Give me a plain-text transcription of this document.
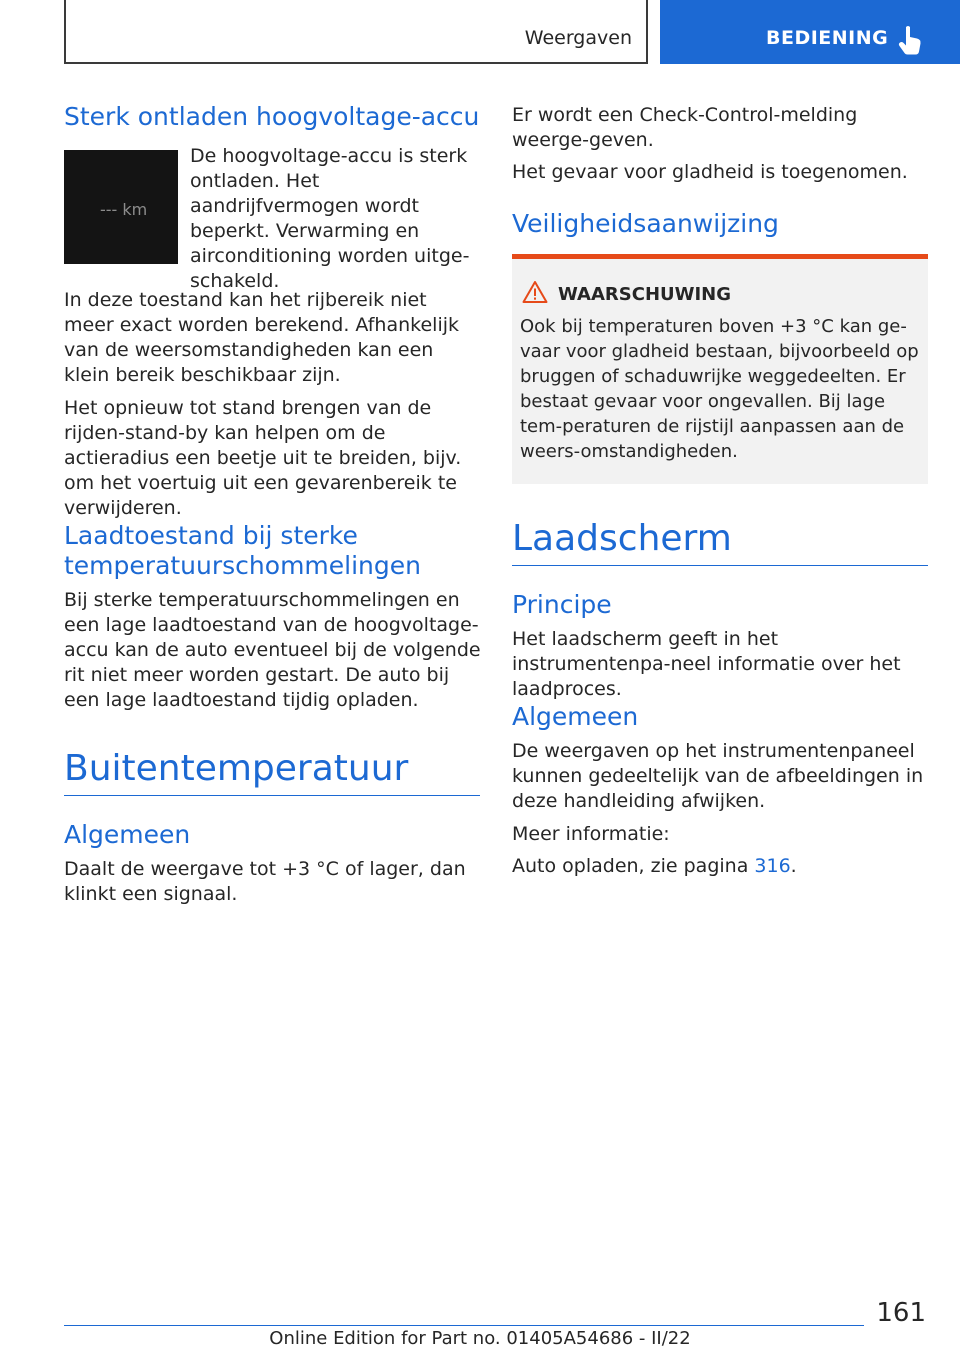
Weergaven	BEDIENING
Sterk ontladen hoogvoltage-accu
--- km

De hoogvoltage-accu is sterk ontladen. Het aandrijfvermogen wordt beperkt. Verwarming en airconditioning worden uitge-schakeld.

In deze toestand kan het rijbereik niet meer exact worden berekend. Afhankelijk van de weersomstandigheden kan een klein bereik beschikbaar zijn.

Het opnieuw tot stand brengen van de rijden-stand-by kan helpen om de actieradius een beetje uit te breiden, bijv. om het voertuig uit een gevarenbereik te verwijderen.

Laadtoestand bij sterke temperatuurschommelingen

Bij sterke temperatuurschommelingen en een lage laadtoestand van de hoogvoltage-accu kan de auto eventueel bij de volgende rit niet meer worden gestart. De auto bij een lage laadtoestand tijdig opladen.

Buitentemperatuur
Algemeen

Daalt de weergave tot +3 °C of lager, dan klinkt een signaal.

Er wordt een Check-Control-melding weerge-geven.

Het gevaar voor gladheid is toegenomen.

Veiligheidsaanwijzing
WAARSCHUWING

Ook bij temperaturen boven +3 °C kan ge-vaar voor gladheid bestaan, bijvoorbeeld op bruggen of schaduwrijke weggedeelten. Er bestaat gevaar voor ongevallen. Bij lage tem-peraturen de rijstijl aanpassen aan de weers-omstandigheden.

Laadscherm
Principe

Het laadscherm geeft in het instrumentenpa-neel informatie over het laadproces.

Algemeen

De weergaven op het instrumentenpaneel kunnen gedeeltelijk van de afbeeldingen in deze handleiding afwijken.

Meer informatie:

Auto opladen, zie pagina 316.

161
Online Edition for Part no. 01405A54686 - II/22
